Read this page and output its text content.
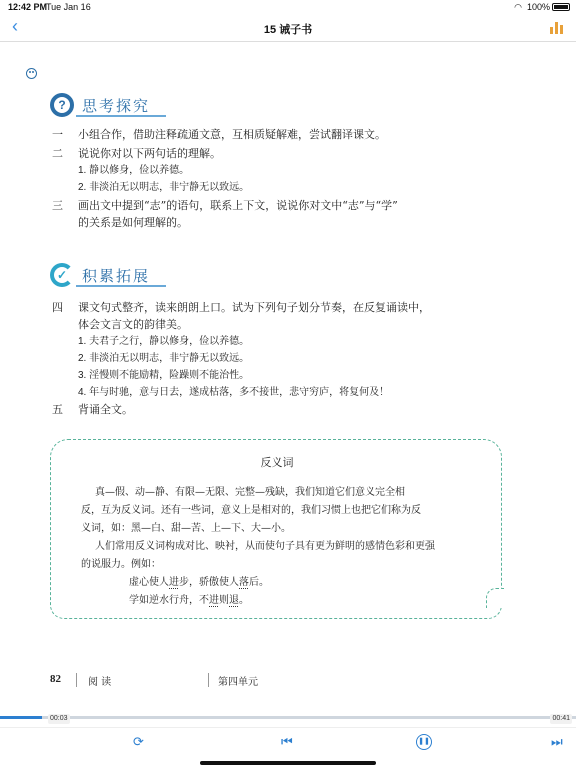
12:42 PM
Tue Jan 16	◠ 100%
‹	15 诫子书
?	思考探究
一 小组合作，借助注释疏通文意，互相质疑解难，尝试翻译课文。
二 说说你对以下两句话的理解。
1. 静以修身，俭以养德。
2. 非淡泊无以明志，非宁静无以致远。
三 画出文中提到“志”的语句，联系上下文，说说你对文中“志”与“学”
的关系是如何理解的。
✓ 积累拓展
四 课文句式整齐，读来朗朗上口。试为下列句子划分节奏，在反复诵读中，
体会文言文的韵律美。
1. 夫君子之行，静以修身，俭以养德。
2. 非淡泊无以明志，非宁静无以致远。
3. 淫慢则不能励精，险躁则不能治性。
4. 年与时驰，意与日去，遂成枯落，多不接世，悲守穷庐，将复何及！
五 背诵全文。
反义词
真—假、动—静、有限—无限、完整—残缺，我们知道它们意义完全相
反，互为反义词。还有一些词，意义上是相对的，我们习惯上也把它们称为反
义词，如：黑—白、甜—苦、上—下、大—小。
人们常用反义词构成对比、映衬，从而使句子具有更为鲜明的感情色彩和更强
的说服力。例如：
虚心使人进步，骄傲使人落后。
学如逆水行舟，不进则退。
82	阅 读	第四单元
00:03	00:41
⟳	⏮	❚❚	⏭
